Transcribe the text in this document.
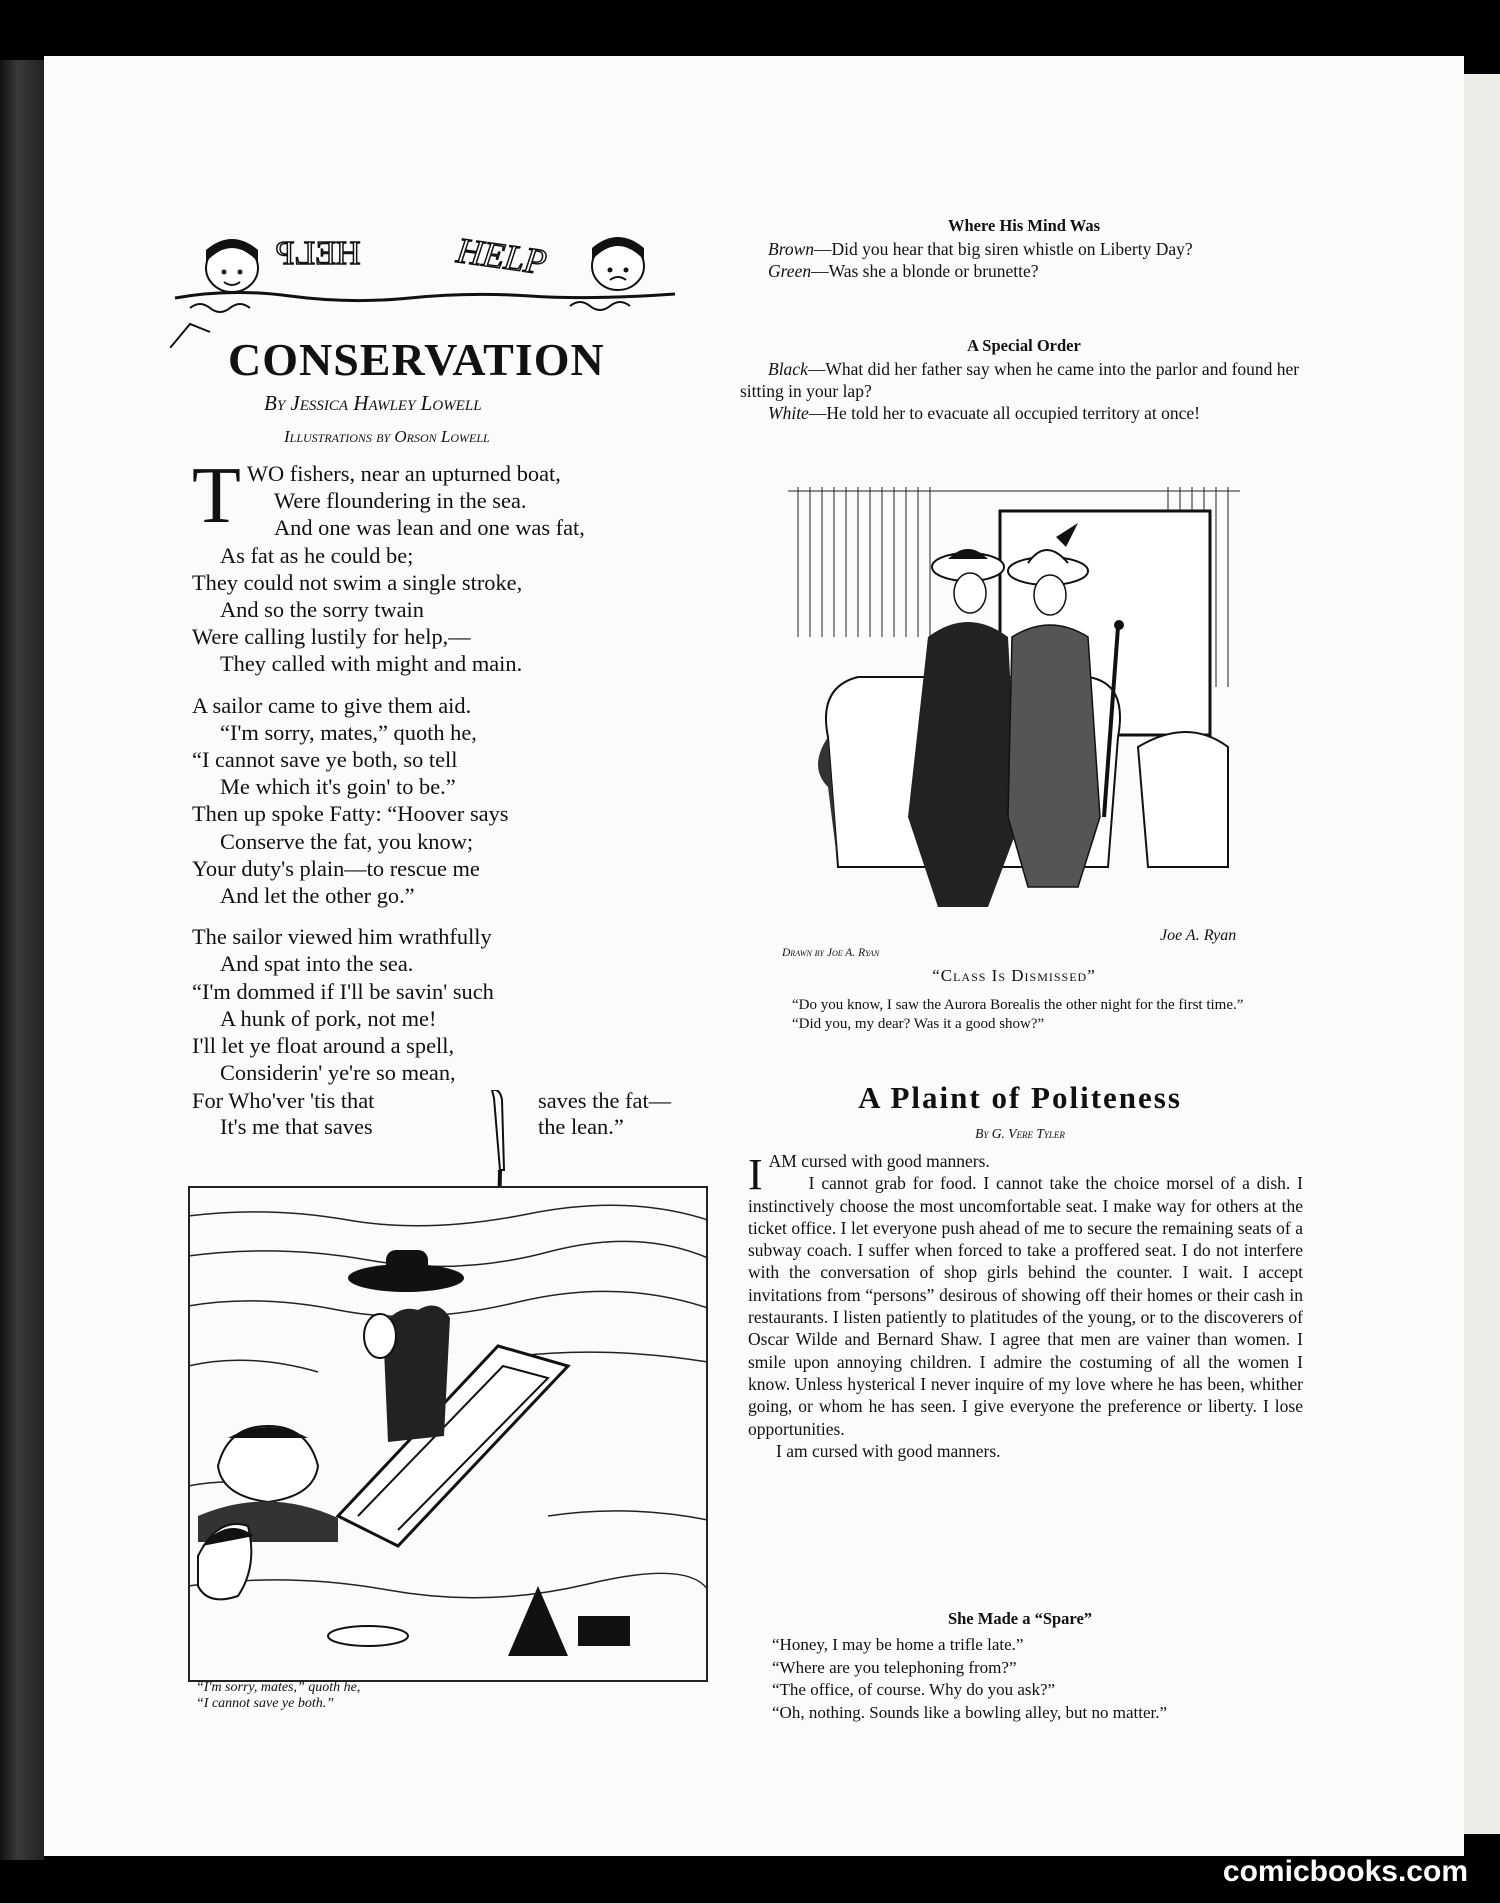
HELP	HELP
CONSERVATION
By Jessica Hawley Lowell
Illustrations by Orson Lowell
T WO fishers, near an upturned boat,
Were floundering in the sea.
And one was lean and one was fat,
As fat as he could be;
They could not swim a single stroke,
And so the sorry twain
Were calling lustily for help,—
They called with might and main.
A sailor came to give them aid.
“I'm sorry, mates,” quoth he,
“I cannot save ye both, so tell
Me which it's goin' to be.”
Then up spoke Fatty: “Hoover says
Conserve the fat, you know;
Your duty's plain—to rescue me
And let the other go.”
The sailor viewed him wrathfully
And spat into the sea.
“I'm dommed if I'll be savin' such
A hunk of pork, not me!
I'll let ye float around a spell,
Considerin' ye're so mean,
For Who'ver 'tis that	saves the fat—
It's me that saves	the lean.”
“I'm sorry, mates,” quoth he,
“I cannot save ye both.”
Where His Mind Was
Brown—Did you hear that big siren whistle on Liberty Day?
Green—Was she a blonde or brunette?
A Special Order
Black—What did her father say when he came into the parlor and found her sitting in your lap?
White—He told her to evacuate all occupied territory at once!
Joe A. Ryan
Drawn by Joe A. Ryan
“Class Is Dismissed”
“Do you know, I saw the Aurora Borealis the other night for the first time.”
“Did you, my dear? Was it a good show?”
A Plaint of Politeness
By G. Vere Tyler
I AM cursed with good manners.
I cannot grab for food. I cannot take the choice morsel of a dish. I instinctively choose the most uncomfortable seat. I make way for others at the ticket office. I let everyone push ahead of me to secure the remaining seats of a subway coach. I suffer when forced to take a proffered seat. I do not interfere with the conversation of shop girls behind the counter. I wait. I accept invitations from “persons” desirous of showing off their homes or their cash in restaurants. I listen patiently to platitudes of the young, or to the discoverers of Oscar Wilde and Bernard Shaw. I agree that men are vainer than women. I smile upon annoying children. I admire the costuming of all the women I know. Unless hysterical I never inquire of my love where he has been, whither going, or whom he has seen. I give everyone the preference or liberty. I lose opportunities.
I am cursed with good manners.
She Made a “Spare”
“Honey, I may be home a trifle late.”
“Where are you telephoning from?”
“The office, of course. Why do you ask?”
“Oh, nothing. Sounds like a bowling alley, but no matter.”
comicbooks.com
